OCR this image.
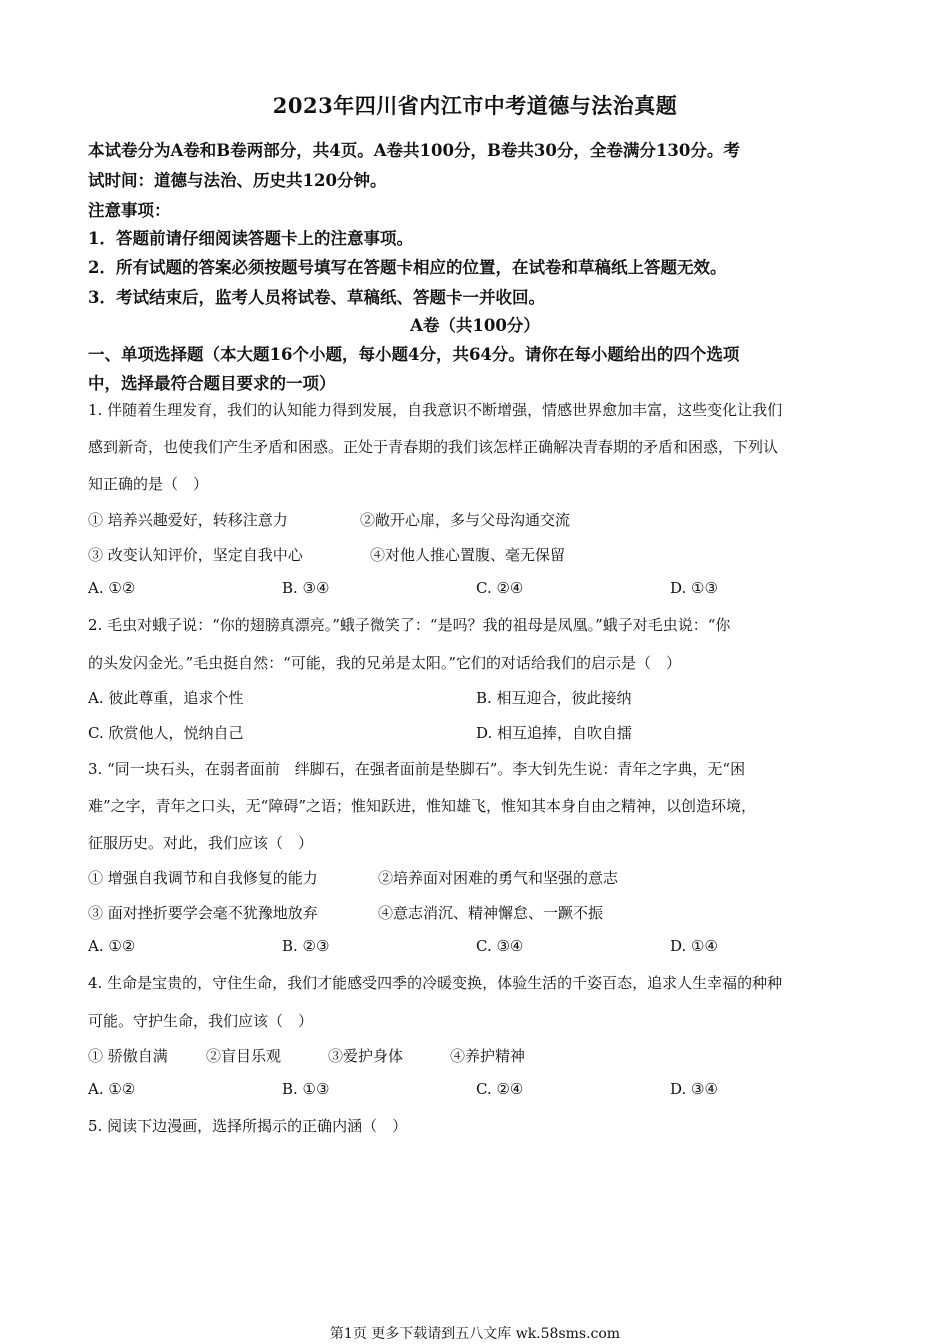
2023年四川省内江市中考道德与法治真题
本试卷分为A卷和B卷两部分，共4页。A卷共100分，B卷共30分，全卷满分130分。考
试时间：道德与法治、历史共120分钟。
注意事项：
1．答题前请仔细阅读答题卡上的注意事项。
2．所有试题的答案必须按题号填写在答题卡相应的位置，在试卷和草稿纸上答题无效。
3．考试结束后，监考人员将试卷、草稿纸、答题卡一并收回。
A卷（共100分）
一、单项选择题（本大题16个小题，每小题4分，共64分。请你在每小题给出的四个选项
中，选择最符合题目要求的一项）
1. 伴随着生理发育，我们的认知能力得到发展，自我意识不断增强，情感世界愈加丰富，这些变化让我们
感到新奇，也使我们产生矛盾和困惑。正处于青春期的我们该怎样正确解决青春期的矛盾和困惑，下列认
知正确的是（　）
① 培养兴趣爱好，转移注意力	②敞开心扉，多与父母沟通交流
③ 改变认知评价，坚定自我中心	④对他人推心置腹、毫无保留
A. ①②	B. ③④	C. ②④	D. ①③
2. 毛虫对蛾子说：“你的翅膀真漂亮。”蛾子微笑了：“是吗？我的祖母是凤凰。”蛾子对毛虫说：“你
的头发闪金光。”毛虫挺自然：“可能，我的兄弟是太阳。”它们的对话给我们的启示是（　）
A. 彼此尊重，追求个性	B. 相互迎合，彼此接纳
C. 欣赏他人，悦纳自己	D. 相互追捧，自吹自擂
3. “同一块石头，在弱者面前　绊脚石，在强者面前是垫脚石”。李大钊先生说：青年之字典，无“困
难”之字，青年之口头，无“障碍”之语；惟知跃进，惟知雄飞，惟知其本身自由之精神，以创造环境，
征服历史。对此，我们应该（　）
① 增强自我调节和自我修复的能力	②培养面对困难的勇气和坚强的意志
③ 面对挫折要学会毫不犹豫地放弃	④意志消沉、精神懈怠、一蹶不振
A. ①②	B. ②③	C. ③④	D. ①④
4. 生命是宝贵的，守住生命，我们才能感受四季的冷暖变换，体验生活的千姿百态，追求人生幸福的种种
可能。守护生命，我们应该（　）
① 骄傲自满	②盲目乐观	③爱护身体	④养护精神
A. ①②	B. ①③	C. ②④	D. ③④
5. 阅读下边漫画，选择所揭示的正确内涵（　）
第1页 更多下载请到五八文库 wk.58sms.com
